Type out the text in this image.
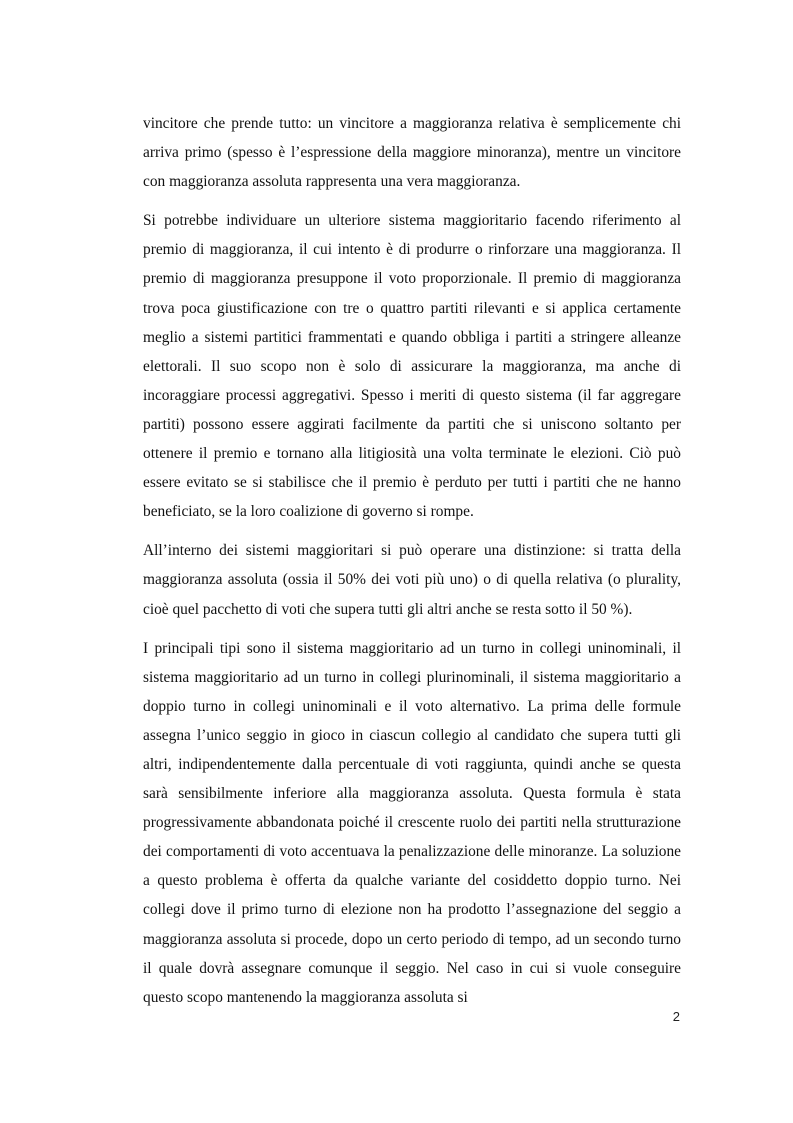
vincitore che prende tutto: un vincitore a maggioranza relativa è semplicemente chi arriva primo (spesso è l’espressione della maggiore minoranza), mentre un vincitore con maggioranza assoluta rappresenta una vera maggioranza.

Si potrebbe individuare un ulteriore sistema maggioritario facendo riferimento al premio di maggioranza, il cui intento è di produrre o rinforzare una maggioranza. Il premio di maggioranza presuppone il voto proporzionale. Il premio di maggioranza trova poca giustificazione con tre o quattro partiti rilevanti e si applica certamente meglio a sistemi partitici frammentati e quando obbliga i partiti a stringere alleanze elettorali. Il suo scopo non è solo di assicurare la maggioranza, ma anche di incoraggiare processi aggregativi. Spesso i meriti di questo sistema (il far aggregare partiti) possono essere aggirati facilmente da partiti che si uniscono soltanto per ottenere il premio e tornano alla litigiosità una volta terminate le elezioni. Ciò può essere evitato se si stabilisce che il premio è perduto per tutti i partiti che ne hanno beneficiato, se la loro coalizione di governo si rompe.

All’interno dei sistemi maggioritari si può operare una distinzione: si tratta della maggioranza assoluta (ossia il 50% dei voti più uno) o di quella relativa (o plurality, cioè quel pacchetto di voti che supera tutti gli altri anche se resta sotto il 50 %).

I principali tipi sono il sistema maggioritario ad un turno in collegi uninominali, il sistema maggioritario ad un turno in collegi plurinominali, il sistema maggioritario a doppio turno in collegi uninominali e il voto alternativo. La prima delle formule assegna l’unico seggio in gioco in ciascun collegio al candidato che supera tutti gli altri, indipendentemente dalla percentuale di voti raggiunta, quindi anche se questa sarà sensibilmente inferiore alla maggioranza assoluta. Questa formula è stata progressivamente abbandonata poiché il crescente ruolo dei partiti nella strutturazione dei comportamenti di voto accentuava la penalizzazione delle minoranze. La soluzione a questo problema è offerta da qualche variante del cosiddetto doppio turno. Nei collegi dove il primo turno di elezione non ha prodotto l’assegnazione del seggio a maggioranza assoluta si procede, dopo un certo periodo di tempo, ad un secondo turno il quale dovrà assegnare comunque il seggio. Nel caso in cui si vuole conseguire questo scopo mantenendo la maggioranza assoluta si

2
